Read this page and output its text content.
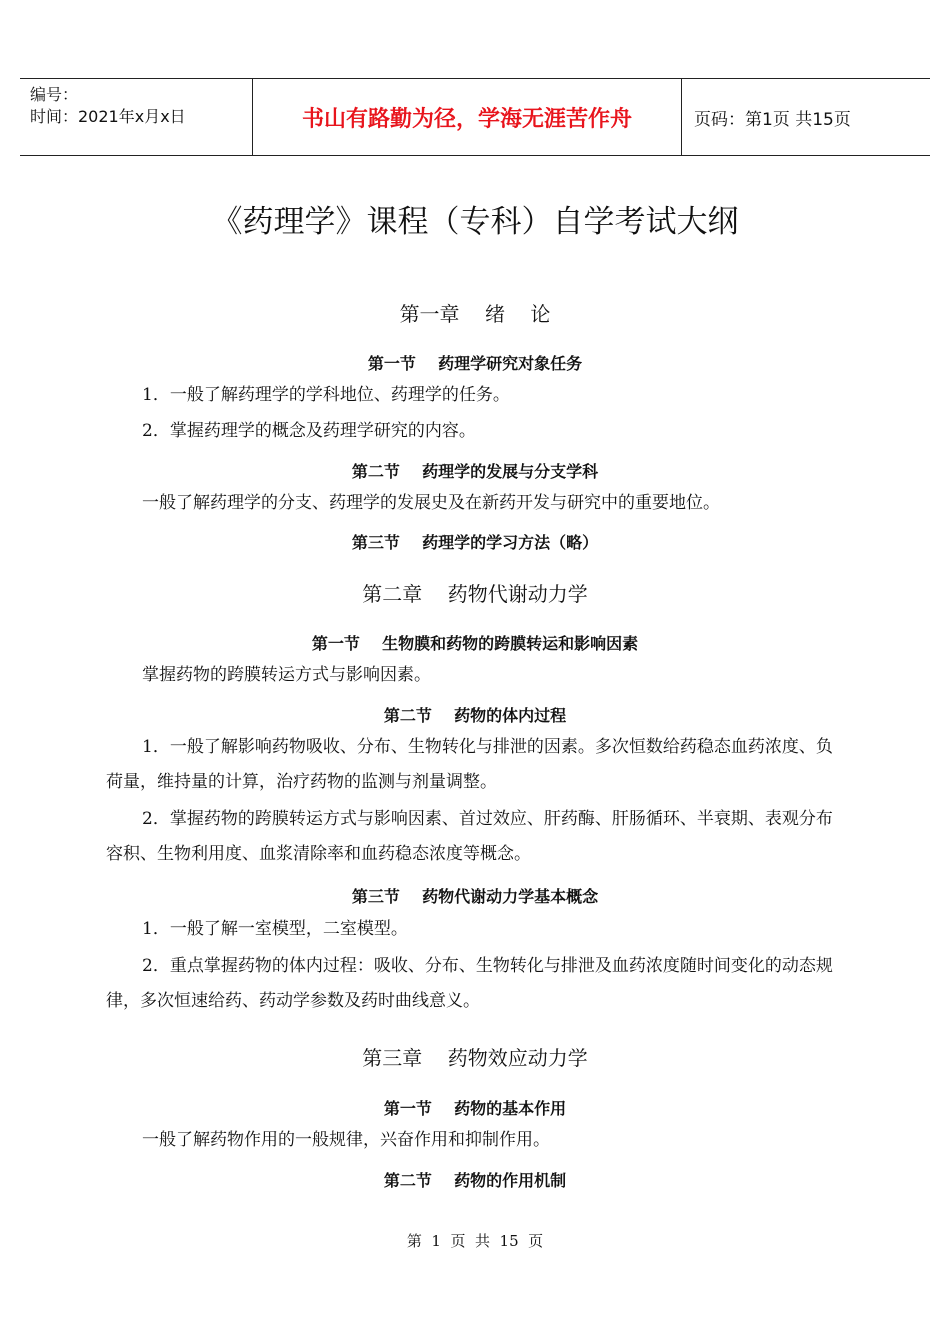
编号：
时间：2021年x月x日	书山有路勤为径，学海无涯苦作舟	页码：第1页 共15页
《药理学》课程（专科）自学考试大纲
第一章    绪    论
第一节    药理学研究对象任务

1．一般了解药理学的学科地位、药理学的任务。

2．掌握药理学的概念及药理学研究的内容。

第二节    药理学的发展与分支学科

一般了解药理学的分支、药理学的发展史及在新药开发与研究中的重要地位。

第三节    药理学的学习方法（略）
第二章    药物代谢动力学
第一节    生物膜和药物的跨膜转运和影响因素

掌握药物的跨膜转运方式与影响因素。

第二节    药物的体内过程

1．一般了解影响药物吸收、分布、生物转化与排泄的因素。多次恒数给药稳态血药浓度、负荷量，维持量的计算，治疗药物的监测与剂量调整。

2．掌握药物的跨膜转运方式与影响因素、首过效应、肝药酶、肝肠循环、半衰期、表观分布容积、生物利用度、血浆清除率和血药稳态浓度等概念。

第三节    药物代谢动力学基本概念

1．一般了解一室模型，二室模型。

2．重点掌握药物的体内过程：吸收、分布、生物转化与排泄及血药浓度随时间变化的动态规律，多次恒速给药、药动学参数及药时曲线意义。

第三章    药物效应动力学
第一节    药物的基本作用

一般了解药物作用的一般规律，兴奋作用和抑制作用。

第二节    药物的作用机制
第  1  页  共  15  页
